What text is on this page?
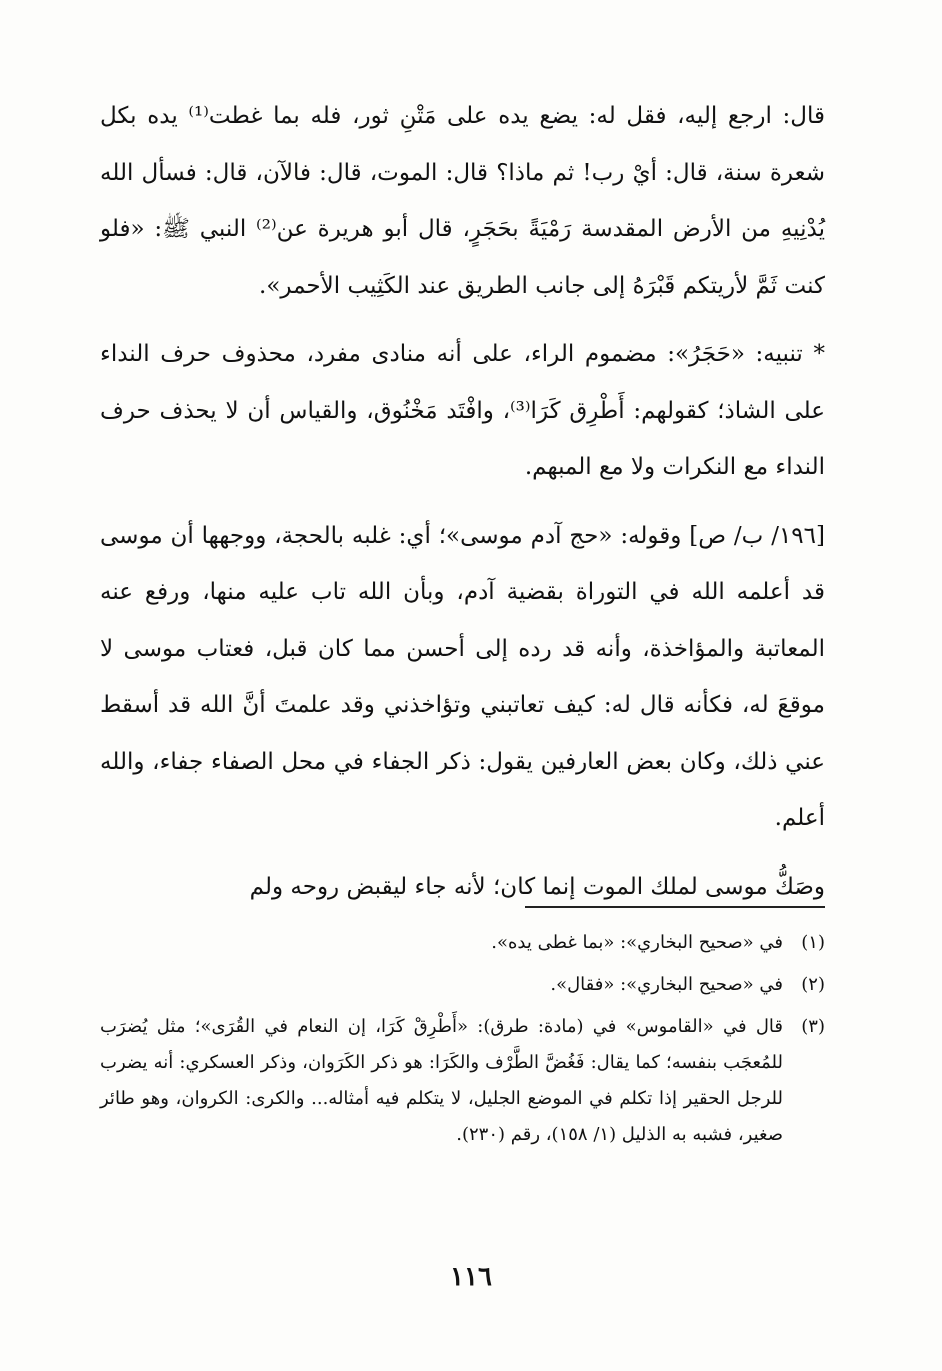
قال: ارجع إليه، فقل له: يضع يده على مَتْنِ ثور، فله بما غطت⁽¹⁾ يده بكل شعرة سنة، قال: أيْ رب! ثم ماذا؟ قال: الموت، قال: فالآن، قال: فسأل الله يُدْنِيهِ من الأرض المقدسة رَمْيَةً بحَجَرٍ، قال أبو هريرة عن⁽²⁾ النبي ﷺ: «فلو كنت ثَمَّ لأريتكم قَبْرَهُ إلى جانب الطريق عند الكَثِيب الأحمر».

* تنبيه: «حَجَرُ»: مضموم الراء، على أنه منادى مفرد، محذوف حرف النداء على الشاذ؛ كقولهم: أَطْرِق كَرَا⁽³⁾، وافْتَد مَخْنُوق، والقياس أن لا يحذف حرف النداء مع النكرات ولا مع المبهم.

[١٩٦/ ب/ ص] وقوله: «حج آدم موسى»؛ أي: غلبه بالحجة، ووجهها أن موسى قد أعلمه الله في التوراة بقضية آدم، وبأن الله تاب عليه منها، ورفع عنه المعاتبة والمؤاخذة، وأنه قد رده إلى أحسن مما كان قبل، فعتاب موسى لا موقعَ له، فكأنه قال له: كيف تعاتبني وتؤاخذني وقد علمتَ أنَّ الله قد أسقط عني ذلك، وكان بعض العارفين يقول: ذكر الجفاء في محل الصفاء جفاء، والله أعلم.

وصَكُّ موسى لملك الموت إنما كان؛ لأنه جاء ليقبض روحه ولم

(١)
في «صحيح البخاري»: «بما غطى يده».
(٢)
في «صحيح البخاري»: «فقال».
(٣)
قال في «القاموس» في (مادة: طرق): «أَطْرِقْ كَرَا، إن النعام في القُرَى»؛ مثل يُضرَب للمُعجَب بنفسه؛ كما يقال: فَغُضَّ الطَّرْف والكَرَا: هو ذكر الكَرَوان، وذكر العسكري: أنه يضرب للرجل الحقير إذا تكلم في الموضع الجليل، لا يتكلم فيه أمثاله... والكرى: الكروان، وهو طائر صغير، فشبه به الذليل (١/ ١٥٨)، رقم (٢٣٠).
١١٦
